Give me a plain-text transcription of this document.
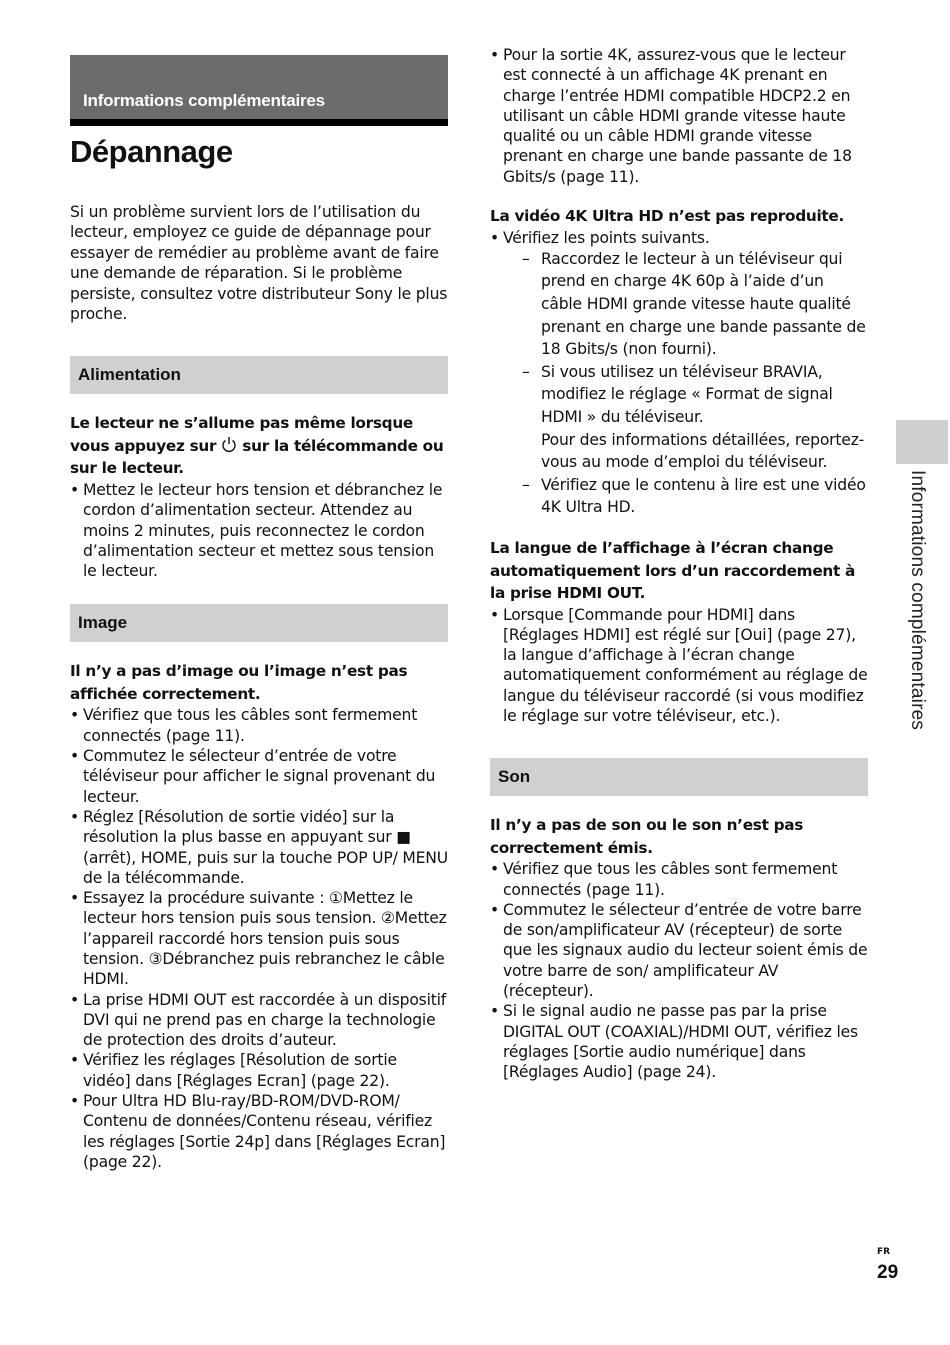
Informations complémentaires
Dépannage

Si un problème survient lors de l’utilisation du lecteur, employez ce guide de dépannage pour essayer de remédier au problème avant de faire une demande de réparation. Si le problème persiste, consultez votre distributeur Sony le plus proche.

Alimentation
Le lecteur ne s’allume pas même lorsque vous appuyez sur sur la télécommande ou sur le lecteur.
• Mettez le lecteur hors tension et débranchez le cordon d’alimentation secteur. Attendez au moins 2 minutes, puis reconnectez le cordon d’alimentation secteur et mettez sous tension le lecteur.
Image
Il n’y a pas d’image ou l’image n’est pas affichée correctement.
• Vérifiez que tous les câbles sont fermement connectés (page 11).
• Commutez le sélecteur d’entrée de votre téléviseur pour afficher le signal provenant du lecteur.
• Réglez [Résolution de sortie vidéo] sur la résolution la plus basse en appuyant sur ■ (arrêt), HOME, puis sur la touche POP UP/ MENU de la télécommande.
• Essayez la procédure suivante : ①Mettez le lecteur hors tension puis sous tension. ②Mettez l’appareil raccordé hors tension puis sous tension. ③Débranchez puis rebranchez le câble HDMI.
• La prise HDMI OUT est raccordée à un dispositif DVI qui ne prend pas en charge la technologie de protection des droits d’auteur.
• Vérifiez les réglages [Résolution de sortie vidéo] dans [Réglages Ecran] (page 22).
• Pour Ultra HD Blu-ray/BD-ROM/DVD-ROM/ Contenu de données/Contenu réseau, vérifiez les réglages [Sortie 24p] dans [Réglages Ecran] (page 22).
• Pour la sortie 4K, assurez-vous que le lecteur est connecté à un affichage 4K prenant en charge l’entrée HDMI compatible HDCP2.2 en utilisant un câble HDMI grande vitesse haute qualité ou un câble HDMI grande vitesse prenant en charge une bande passante de 18 Gbits/s (page 11).
La vidéo 4K Ultra HD n’est pas reproduite.
• Vérifiez les points suivants.
– Raccordez le lecteur à un téléviseur qui prend en charge 4K 60p à l’aide d’un câble HDMI grande vitesse haute qualité prenant en charge une bande passante de 18 Gbits/s (non fourni).
– Si vous utilisez un téléviseur BRAVIA, modifiez le réglage « Format de signal HDMI » du téléviseur.
Pour des informations détaillées, reportez-vous au mode d’emploi du téléviseur.
– Vérifiez que le contenu à lire est une vidéo 4K Ultra HD.
La langue de l’affichage à l’écran change automatiquement lors d’un raccordement à la prise HDMI OUT.
• Lorsque [Commande pour HDMI] dans [Réglages HDMI] est réglé sur [Oui] (page 27), la langue d’affichage à l’écran change automatiquement conformément au réglage de langue du téléviseur raccordé (si vous modifiez le réglage sur votre téléviseur, etc.).
Son
Il n’y a pas de son ou le son n’est pas correctement émis.
• Vérifiez que tous les câbles sont fermement connectés (page 11).
• Commutez le sélecteur d’entrée de votre barre de son/amplificateur AV (récepteur) de sorte que les signaux audio du lecteur soient émis de votre barre de son/ amplificateur AV (récepteur).
• Si le signal audio ne passe pas par la prise DIGITAL OUT (COAXIAL)/HDMI OUT, vérifiez les réglages [Sortie audio numérique] dans [Réglages Audio] (page 24).
Informations complémentaires
FR
29
